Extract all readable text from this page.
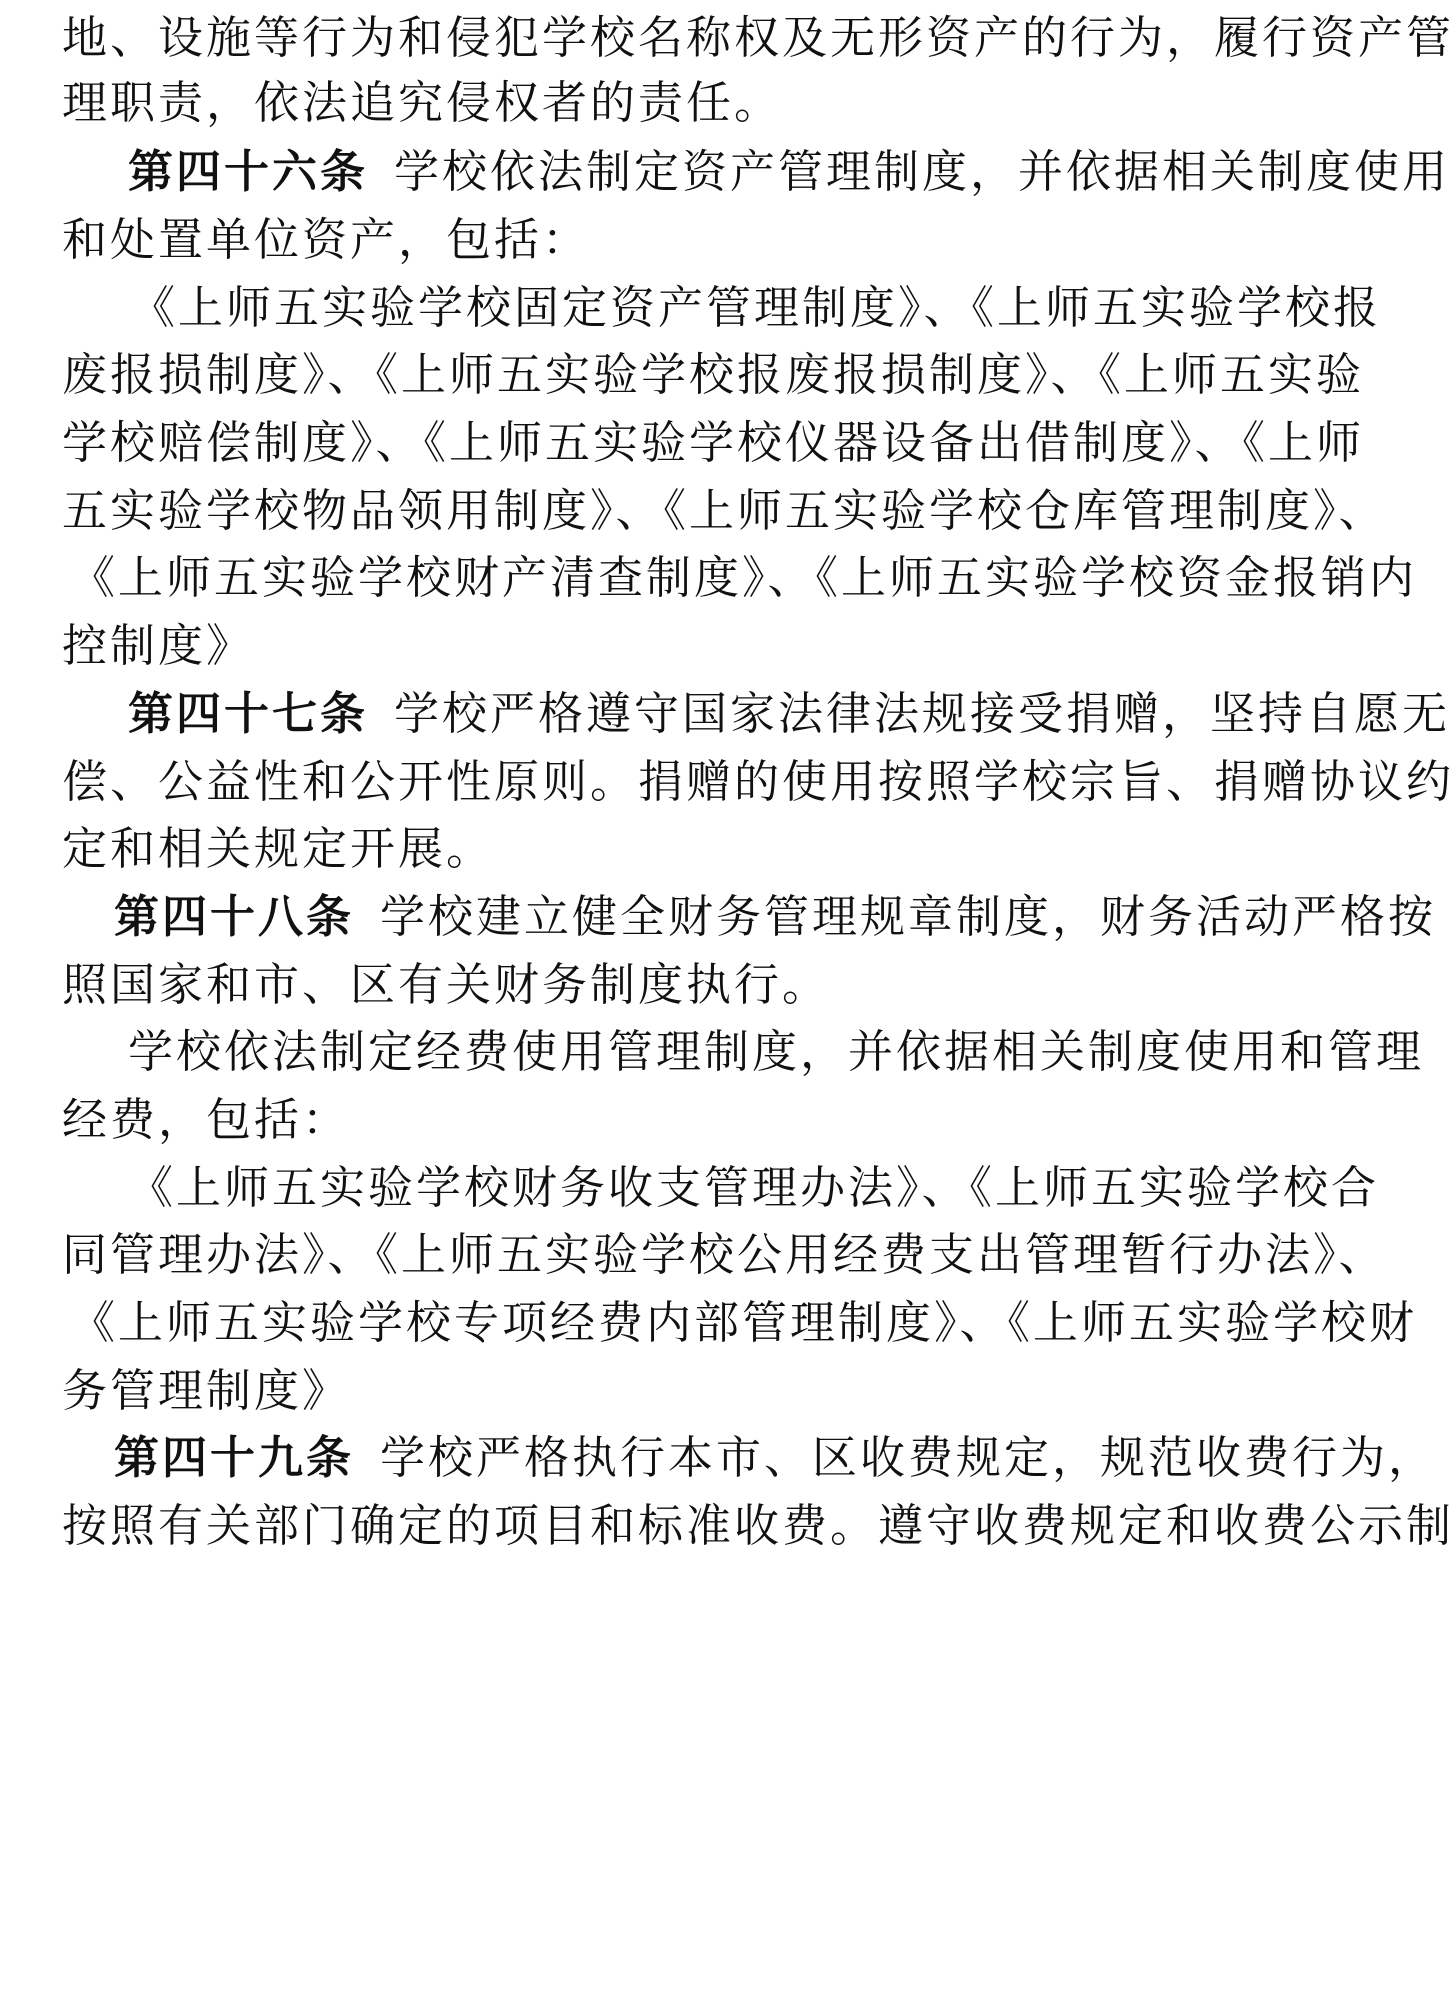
地、设施等行为和侵犯学校名称权及无形资产的行为，履行资产管
理职责，依法追究侵权者的责任。
第四十六条 学校依法制定资产管理制度，并依据相关制度使用
和处置单位资产，包括：
《上师五实验学校固定资产管理制度》、《上师五实验学校报
废报损制度》、《上师五实验学校报废报损制度》、《上师五实验
学校赔偿制度》、《上师五实验学校仪器设备出借制度》、《上师
五实验学校物品领用制度》、《上师五实验学校仓库管理制度》、
《上师五实验学校财产清查制度》、《上师五实验学校资金报销内
控制度》
第四十七条 学校严格遵守国家法律法规接受捐赠，坚持自愿无
偿、公益性和公开性原则。捐赠的使用按照学校宗旨、捐赠协议约
定和相关规定开展。
第四十八条 学校建立健全财务管理规章制度，财务活动严格按
照国家和市、区有关财务制度执行。
学校依法制定经费使用管理制度，并依据相关制度使用和管理
经费，包括：
《上师五实验学校财务收支管理办法》、《上师五实验学校合
同管理办法》、《上师五实验学校公用经费支出管理暂行办法》、
《上师五实验学校专项经费内部管理制度》、《上师五实验学校财
务管理制度》
第四十九条 学校严格执行本市、区收费规定，规范收费行为，
按照有关部门确定的项目和标准收费。遵守收费规定和收费公示制
